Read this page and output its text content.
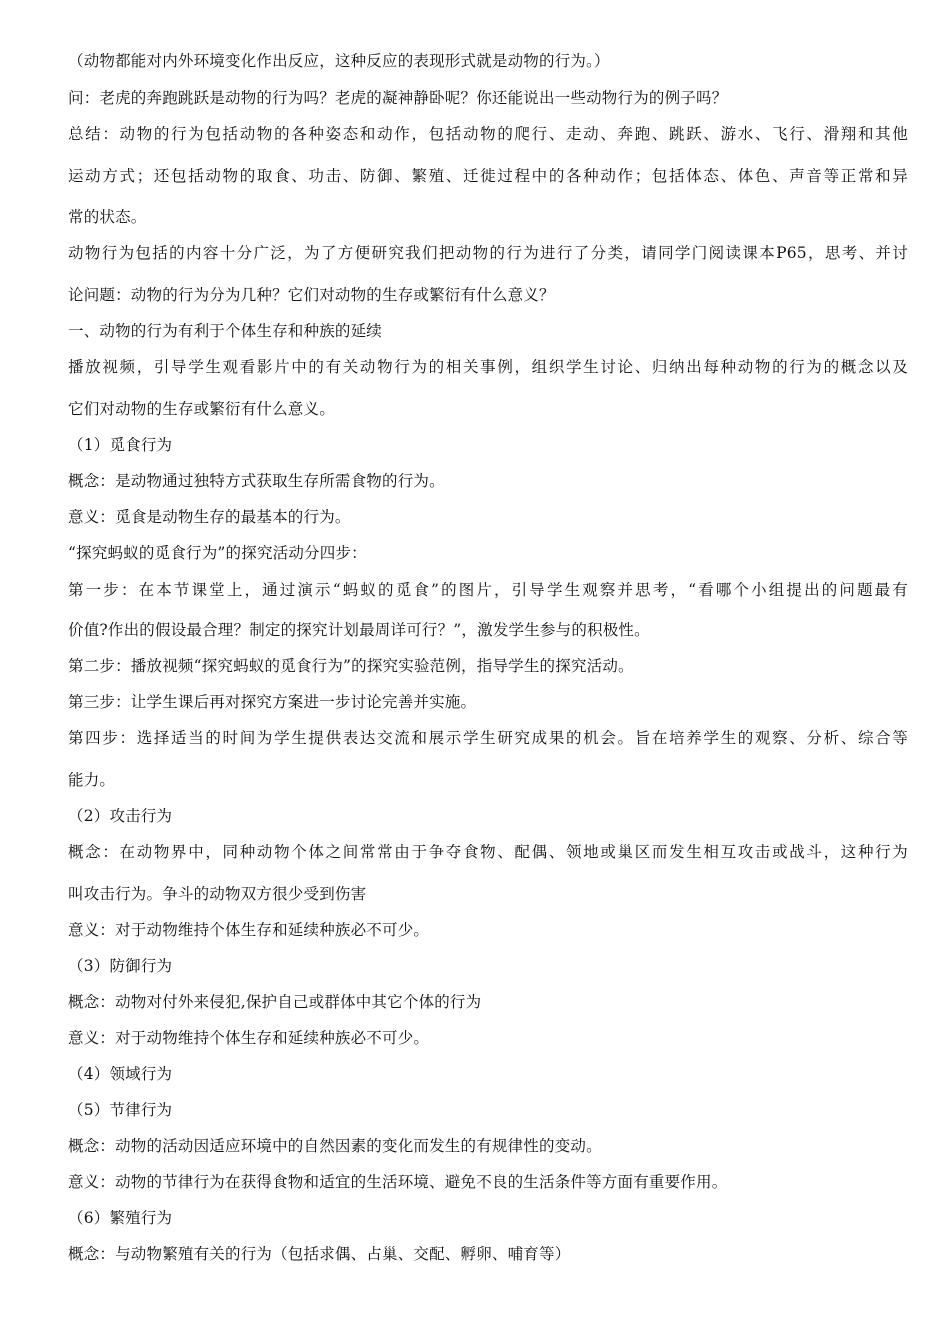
（动物都能对内外环境变化作出反应，这种反应的表现形式就是动物的行为。）
问：老虎的奔跑跳跃是动物的行为吗？老虎的凝神静卧呢？你还能说出一些动物行为的例子吗？
总结：动物的行为包括动物的各种姿态和动作，包括动物的爬行、走动、奔跑、跳跃、游水、飞行、滑翔和其他
运动方式；还包括动物的取食、功击、防御、繁殖、迁徙过程中的各种动作；包括体态、体色、声音等正常和异
常的状态。
动物行为包括的内容十分广泛，为了方便研究我们把动物的行为进行了分类，请同学门阅读课本P65，思考、并讨
论问题：动物的行为分为几种？它们对动物的生存或繁衍有什么意义？
一、动物的行为有利于个体生存和种族的延续
播放视频，引导学生观看影片中的有关动物行为的相关事例，组织学生讨论、归纳出每种动物的行为的概念以及
它们对动物的生存或繁衍有什么意义。
（1）觅食行为
概念：是动物通过独特方式获取生存所需食物的行为。
意义：觅食是动物生存的最基本的行为。
“探究蚂蚁的觅食行为”的探究活动分四步：
第一步：在本节课堂上，通过演示“蚂蚁的觅食”的图片，引导学生观察并思考，“看哪个小组提出的问题最有
价值?作出的假设最合理？制定的探究计划最周详可行？”，激发学生参与的积极性。
第二步：播放视频“探究蚂蚁的觅食行为”的探究实验范例，指导学生的探究活动。
第三步：让学生课后再对探究方案进一步讨论完善并实施。
第四步：选择适当的时间为学生提供表达交流和展示学生研究成果的机会。旨在培养学生的观察、分析、综合等
能力。
（2）攻击行为
概念：在动物界中，同种动物个体之间常常由于争夺食物、配偶、领地或巢区而发生相互攻击或战斗，这种行为
叫攻击行为。争斗的动物双方很少受到伤害
意义：对于动物维持个体生存和延续种族必不可少。
（3）防御行为
概念：动物对付外来侵犯,保护自己或群体中其它个体的行为
意义：对于动物维持个体生存和延续种族必不可少。
（4）领域行为
（5）节律行为
概念：动物的活动因适应环境中的自然因素的变化而发生的有规律性的变动。
意义：动物的节律行为在获得食物和适宜的生活环境、避免不良的生活条件等方面有重要作用。
（6）繁殖行为
概念：与动物繁殖有关的行为（包括求偶、占巢、交配、孵卵、哺育等）
